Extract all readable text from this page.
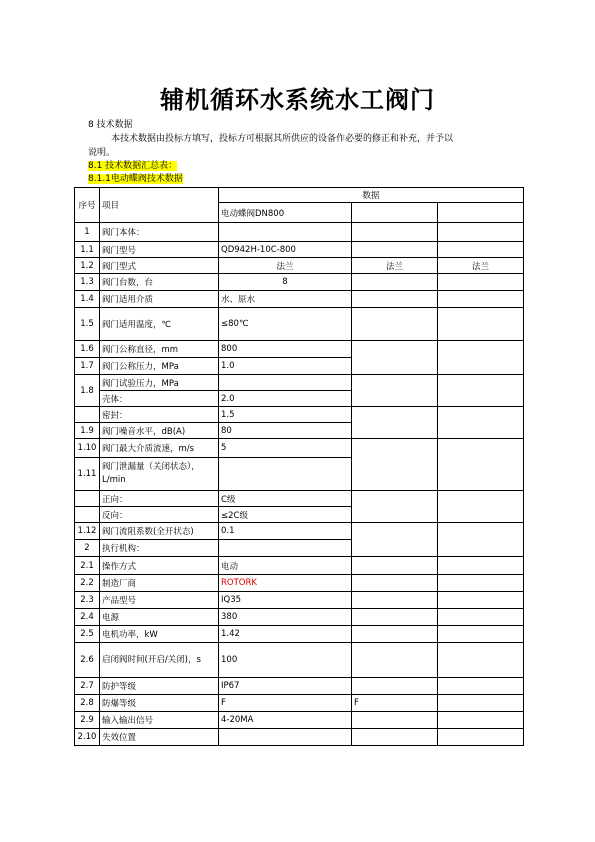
辅机循环水系统水工阀门
8 技术数据
本技术数据由投标方填写，投标方可根据其所供应的设备作必要的修正和补充，并予以
说明。
8.1 技术数据汇总表：
8.1.1电动蝶阀技术数据
序号	项目	数据		
		电动蝶阀DN800		
1	阀门本体：			
1.1	阀门型号	QD942H-10C-800		
1.2	阀门型式	法兰	法兰	法兰
1.3	阀门台数，台	8		
1.4	阀门适用介质	水、原水		
1.5	阀门适用温度，℃	≤80℃		
1.6	阀门公称直径，mm	800		
1.7	阀门公称压力，MPa	1.0		
1.8	阀门试验压力，MPa			
	壳体：	2.0		
	密封：	1.5		
1.9	阀门噪音水平，dB(A)	80		
1.10	阀门最大介质流速，m/s	5		
1.11	阀门泄漏量（关闭状态），L/min			
	正向：	C级		
	反向：	≤2C级		
1.12	阀门流阻系数(全开状态)	0.1		
2	执行机构：			
2.1	操作方式	电动		
2.2	制造厂商	ROTORK		
2.3	产品型号	IQ35		
2.4	电源	380		
2.5	电机功率，kW	1.42		
2.6	启闭阀时间(开启/关闭)，s	100		
2.7	防护等级	IP67		
2.8	防爆等级	F	F	
2.9	输入输出信号	4-20MA		
2.10	失效位置			
